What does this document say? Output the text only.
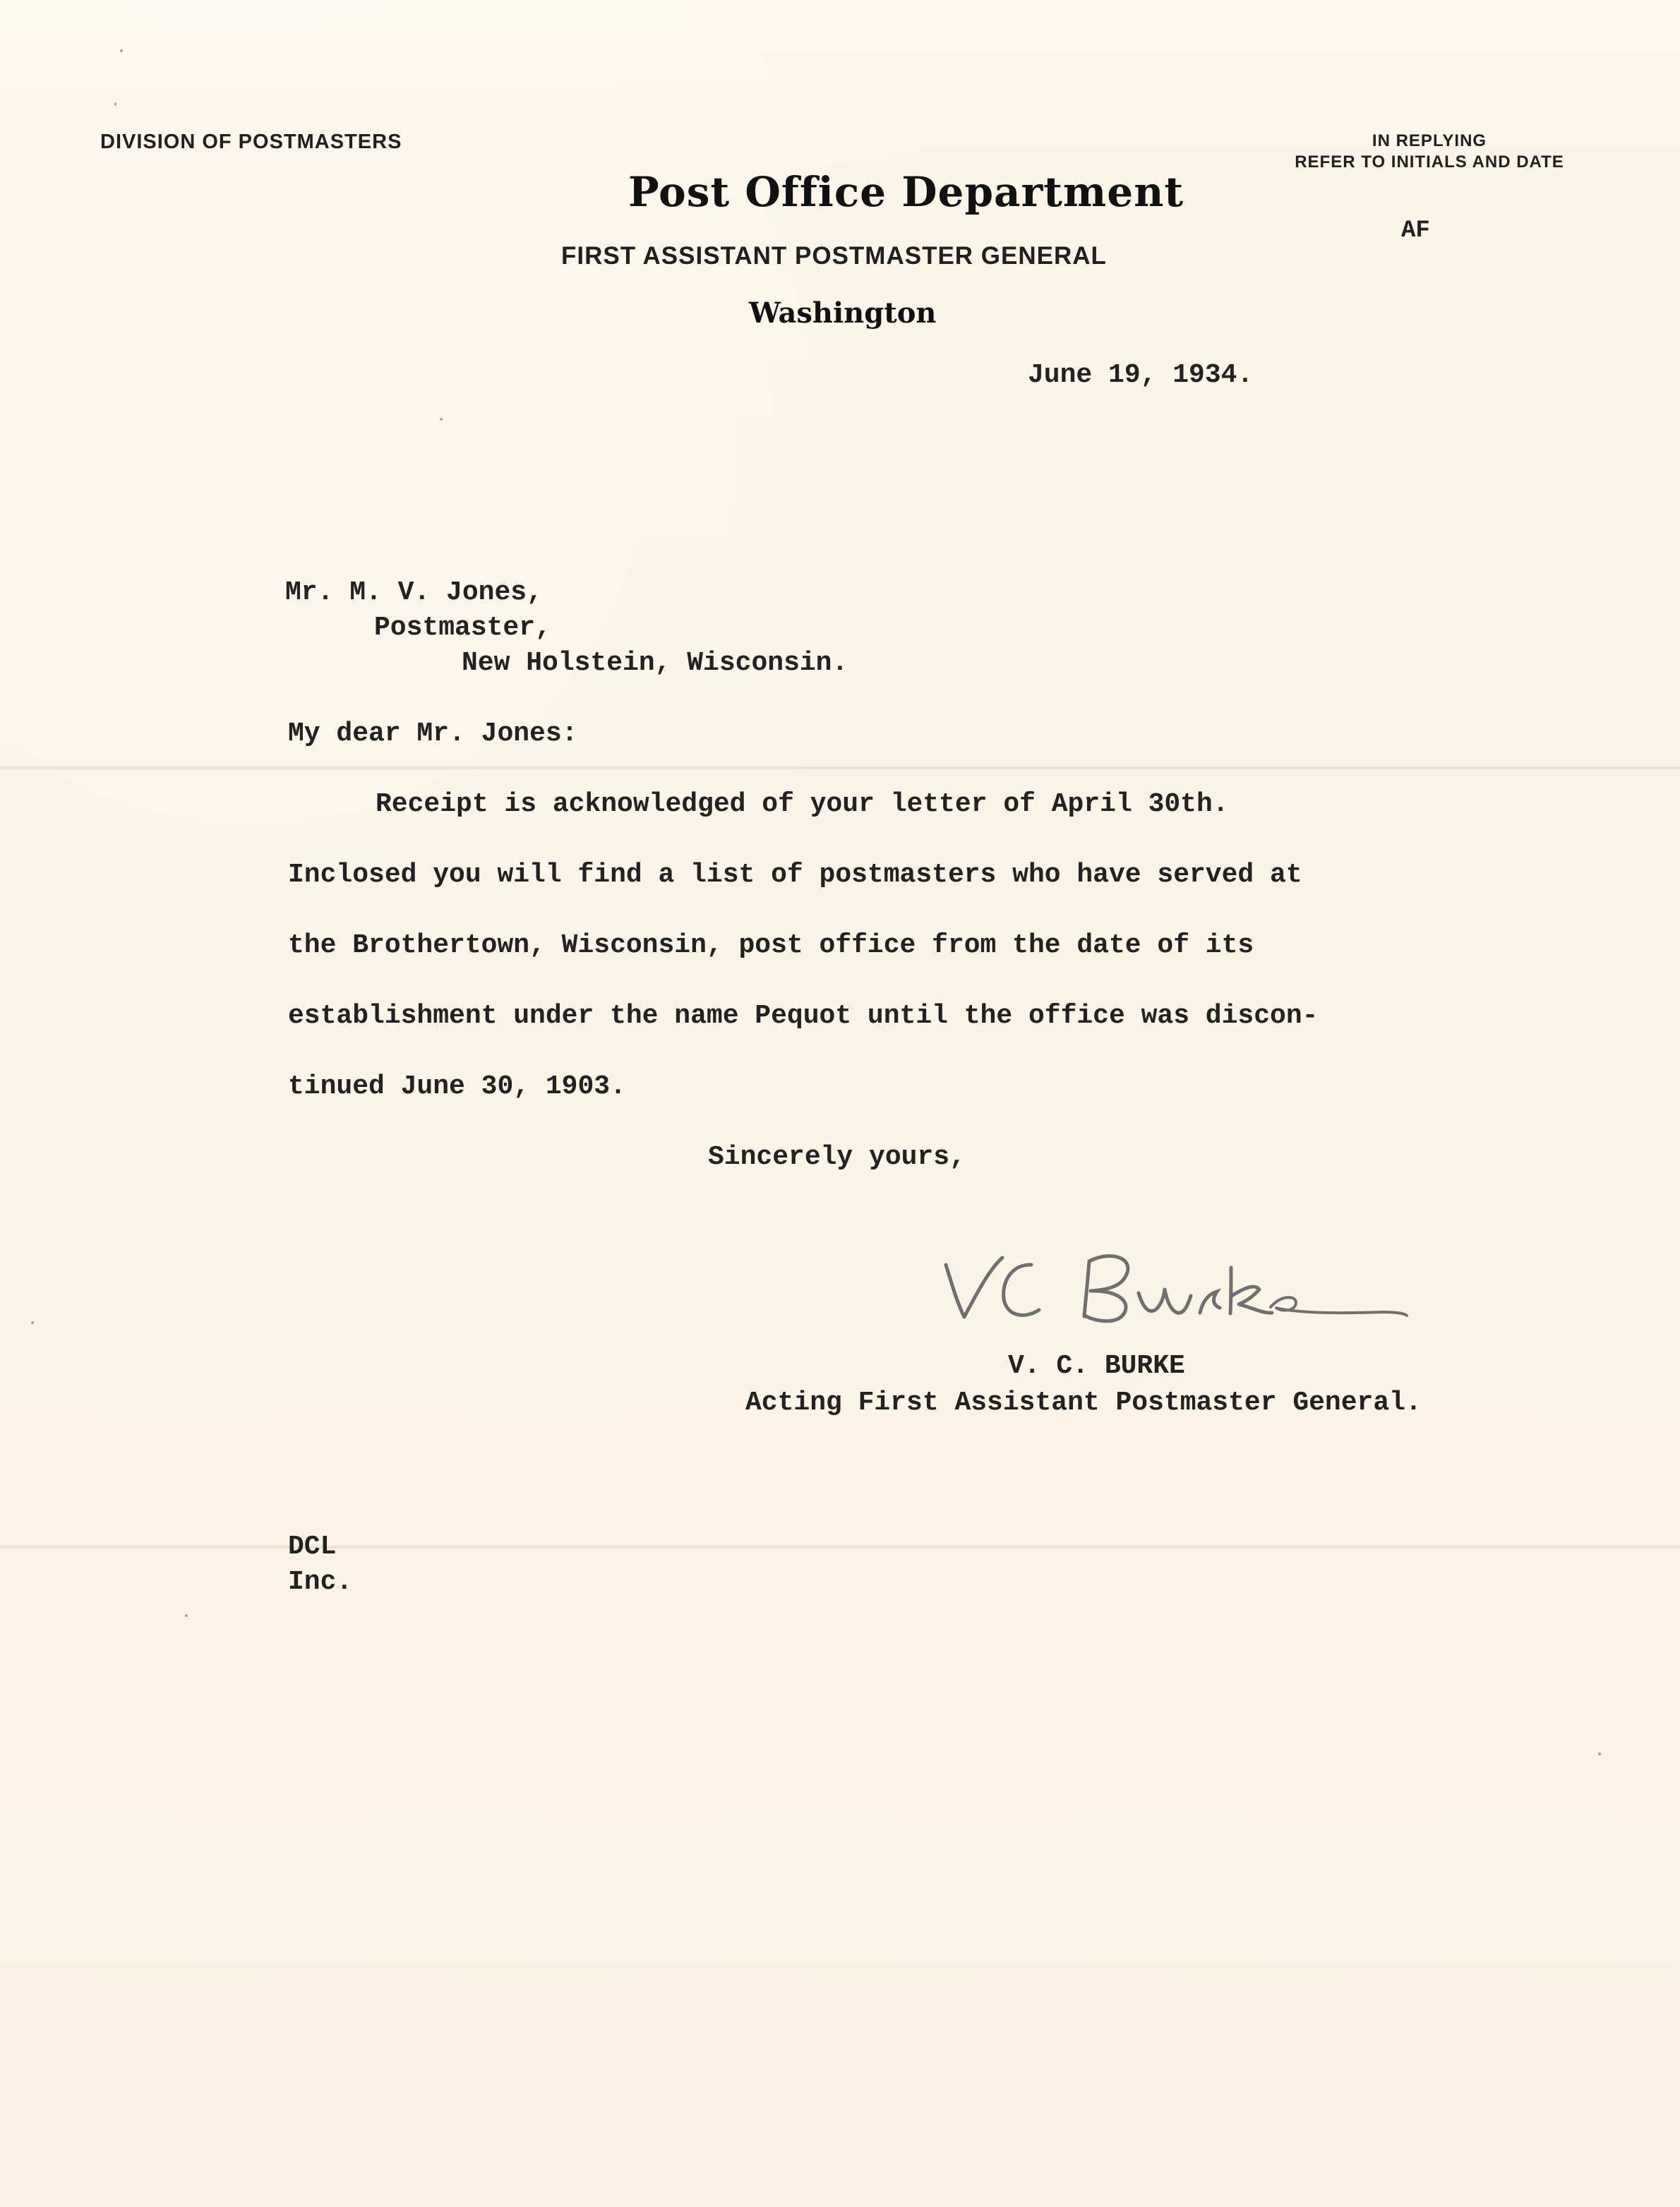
DIVISION OF POSTMASTERS	IN REPLYING
REFER TO INITIALS AND DATE
Post Office Department
FIRST ASSISTANT POSTMASTER GENERAL
Washington
AF
June 19, 1934.
Mr. M. V. Jones,
Postmaster,
New Holstein, Wisconsin.
My dear Mr. Jones:
Receipt is acknowledged of your letter of April 30th.
Inclosed you will find a list of postmasters who have served at
the Brothertown, Wisconsin, post office from the date of its
establishment under the name Pequot until the office was discon-
tinued June 30, 1903.
Sincerely yours,
V. C. BURKE
Acting First Assistant Postmaster General.
DCL
Inc.
